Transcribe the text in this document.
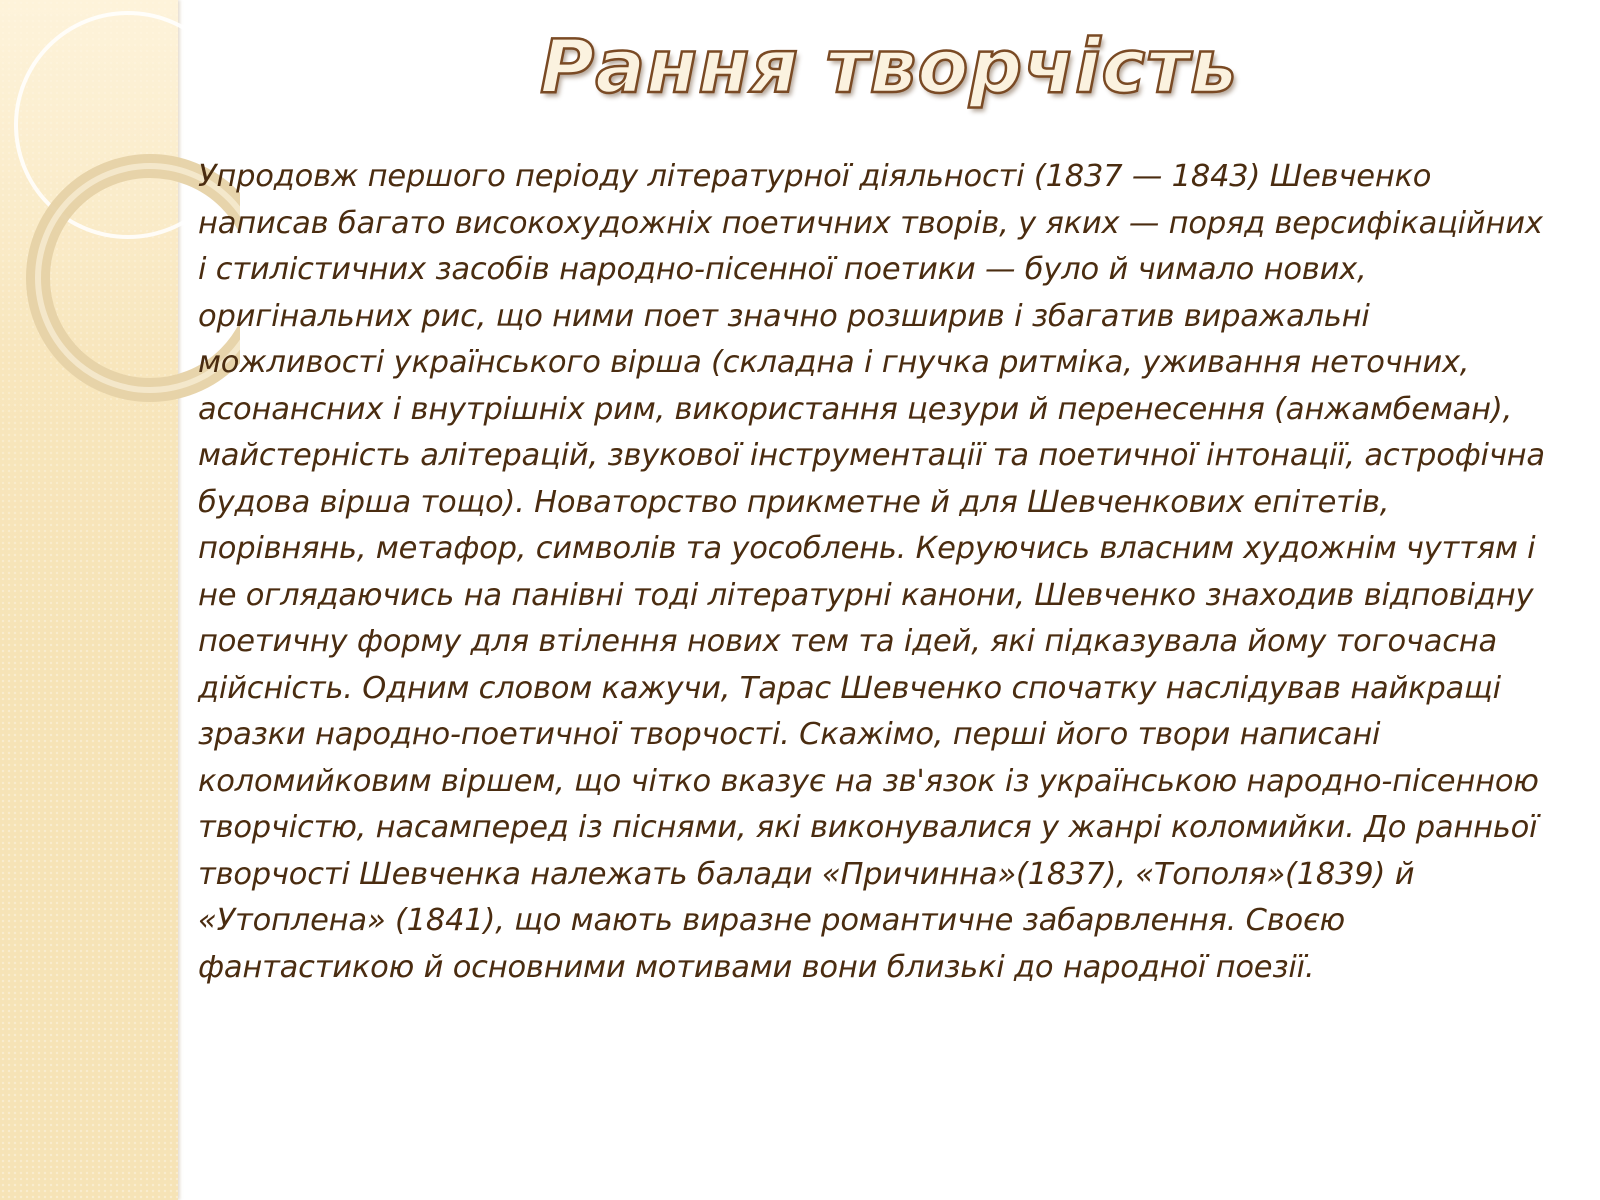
Рання творчість

Упродовж першого періоду літературної діяльності (1837 — 1843) Шевченко написав багато високохудожніх поетичних творів, у яких — поряд версифікаційних і стилістичних засобів народно-пісенної поетики — було й чимало нових, оригінальних рис, що ними поет значно розширив і збагатив виражальні можливості українського вірша (складна і гнучка ритміка, уживання неточних, асонансних і внутрішніх рим, використання цезури й перенесення (анжамбеман), майстерність алітерацій, звукової інструментації та поетичної інтонації, астрофічна будова вірша тощо). Новаторство прикметне й для Шевченкових епітетів, порівнянь, метафор, символів та уособлень. Керуючись власним художнім чуттям і не оглядаючись на панівні тоді літературні канони, Шевченко знаходив відповідну поетичну форму для втілення нових тем та ідей, які підказувала йому тогочасна дійсність. Одним словом кажучи, Тарас Шевченко спочатку наслідував найкращі зразки народно-поетичної творчості. Скажімо, перші його твори написані коломийковим віршем, що чітко вказує на зв'язок із українською народно-пісенною творчістю, насамперед із піснями, які виконувалися у жанрі коломийки. До ранньої творчості Шевченка належать балади «Причинна»(1837), «Тополя»(1839) й «Утоплена» (1841), що мають виразне романтичне забарвлення. Своєю фантастикою й основними мотивами вони близькі до народної поезії.
